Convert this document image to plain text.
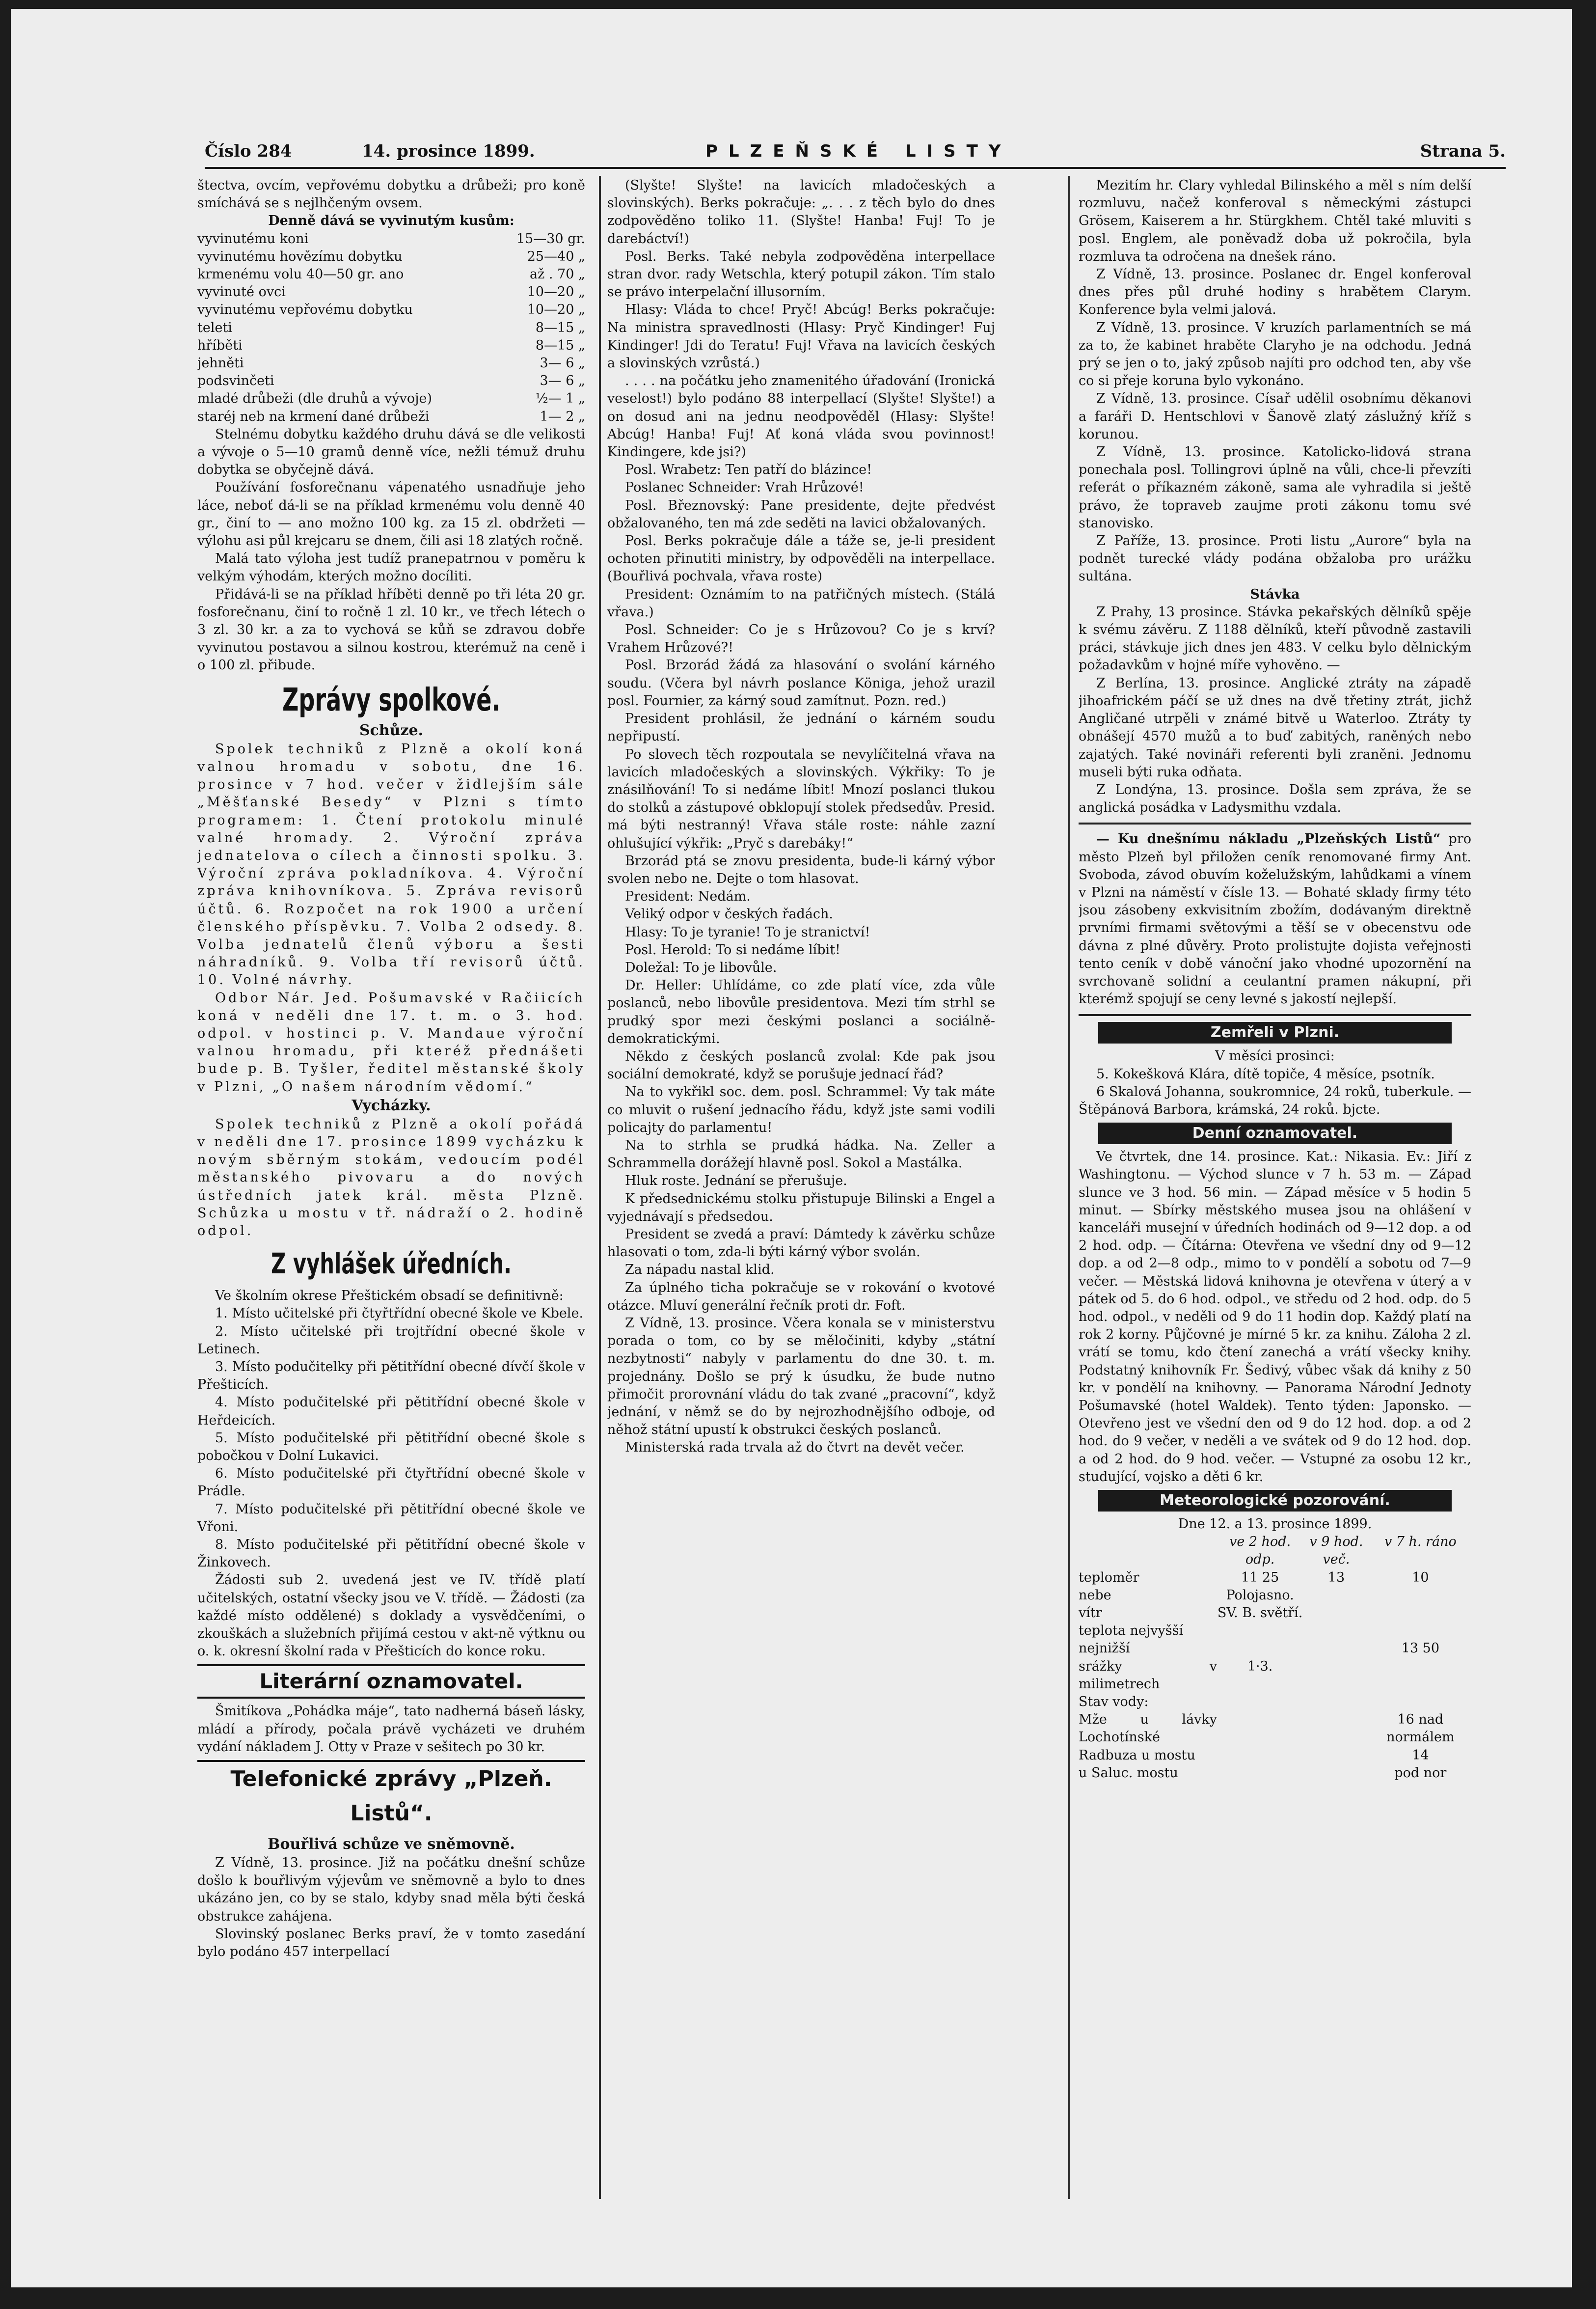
Číslo 284	14. prosince 1899.	PLZEŇSKÉ LISTY	Strana 5.

štectva, ovcím, vepřovému dobytku a drůbeži; pro koně smíchává se s nejlhčeným ovsem.

Denně dává se vyvinutým kusům:

vyvinutému koni	15—30 gr.
vyvinutému hovězímu dobytku	25—40 „
krmenému volu 40—50 gr. ano	až . 70 „
vyvinuté ovci	10—20 „
vyvinutému vepřovému dobytku	10—20 „
teleti	8—15 „
hříběti	8—15 „
jehněti	3— 6 „
podsvinčeti	3— 6 „
mladé drůbeži (dle druhů a vývoje)	½— 1 „
staréj neb na krmení dané drůbeži	1— 2 „

Stelnému dobytku každého druhu dává se dle velikosti a vývoje o 5—10 gramů denně více, nežli témuž druhu dobytka se obyčejně dává.

Používání fosforečnanu vápenatého usnadňuje jeho láce, neboť dá-li se na příklad krmenému volu denně 40 gr., činí to — ano možno 100 kg. za 15 zl. obdržeti — výlohu asi půl krejcaru se dnem, čili asi 18 zlatých ročně.

Malá tato výloha jest tudíž pranepatrnou v poměru k velkým výhodám, kterých možno docíliti.

Přidává-li se na příklad hříběti denně po tři léta 20 gr. fosforečnanu, činí to ročně 1 zl. 10 kr., ve třech létech o 3 zl. 30 kr. a za to vychová se kůň se zdravou dobře vyvinutou postavou a silnou kostrou, kterémuž na ceně i o 100 zl. přibude.

Zprávy spolkové.
Schůze.

Spolek techniků z Plzně a okolí koná valnou hromadu v sobotu, dne 16. prosince v 7 hod. večer v židlejším sále „Měšťanské Besedy“ v Plzni s tímto programem: 1. Čtení protokolu minulé valné hromady. 2. Výroční zpráva jednatelova o cílech a činnosti spolku. 3. Výroční zpráva pokladníkova. 4. Výroční zpráva knihovníkova. 5. Zpráva revisorů účtů. 6. Rozpočet na rok 1900 a určení členského příspěvku. 7. Volba 2 odsedy. 8. Volba jednatelů členů výboru a šesti náhradníků. 9. Volba tří revisorů účtů. 10. Volné návrhy.

Odbor Nár. Jed. Pošumavské v Račiicích koná v neděli dne 17. t. m. o 3. hod. odpol. v hostinci p. V. Mandaue výroční valnou hromadu, při kteréž přednášeti bude p. B. Tyšler, ředitel městanské školy v Plzni, „O našem národním vědomí.“

Vycházky.

Spolek techniků z Plzně a okolí pořádá v neděli dne 17. prosince 1899 vycházku k novým sběrným stokám, vedoucím podél městanského pivovaru a do nových ústředních jatek král. města Plzně. Schůzka u mostu v tř. nádraží o 2. hodině odpol.

Z vyhlášek úředních.

Ve školním okrese Přeštickém obsadí se definitivně:

1. Místo učitelské při čtyřtřídní obecné škole ve Kbele.

2. Místo učitelské při trojtřídní obecné škole v Letinech.

3. Místo podučitelky při pětitřídní obecné dívčí škole v Přešticích.

4. Místo podučitelské při pětitřídní obecné škole v Heřdeicích.

5. Místo podučitelské při pětitřídní obecné škole s pobočkou v Dolní Lukavici.

6. Místo podučitelské při čtyřtřídní obecné škole v Prádle.

7. Místo podučitelské při pětitřídní obecné škole ve Vřoni.

8. Místo podučitelské při pětitřídní obecné škole v Žinkovech.

Žádosti sub 2. uvedená jest ve IV. třídě platí učitelských, ostatní všecky jsou ve V. třídě. — Žádosti (za každé místo oddělené) s doklady a vysvědčeními, o zkouškách a služebních přijímá cestou v akt-ně výtknu ou o. k. okresní školní rada v Přešticích do konce roku.

Literární oznamovatel.

Šmitíkova „Pohádka máje“, tato nadherná báseň lásky, mládí a přírody, počala právě vycházeti ve druhém vydání nákladem J. Otty v Praze v sešitech po 30 kr.

Telefonické zprávy „Plzeň. Listů“.
Bouřlivá schůze ve sněmovně.

Z Vídně, 13. prosince. Již na počátku dnešní schůze došlo k bouřlivým výjevům ve sněmovně a bylo to dnes ukázáno jen, co by se stalo, kdyby snad měla býti česká obstrukce zahájena.

Slovinský poslanec Berks praví, že v tomto zasedání bylo podáno 457 interpellací

(Slyšte! Slyšte! na lavicích mladočeských a slovinských). Berks pokračuje: „. . . z těch bylo do dnes zodpověděno toliko 11. (Slyšte! Hanba! Fuj! To je darebáctví!)

Posl. Berks. Také nebyla zodpověděna interpellace stran dvor. rady Wetschla, který potupil zákon. Tím stalo se právo interpelační illusorním.

Hlasy: Vláda to chce! Pryč! Abcúg! Berks pokračuje: Na ministra spravedlnosti (Hlasy: Pryč Kindinger! Fuj Kindinger! Jdi do Teratu! Fuj! Vřava na lavicích českých a slovinských vzrůstá.)

. . . . na počátku jeho znamenitého úřadování (Ironická veselost!) bylo podáno 88 interpellací (Slyšte! Slyšte!) a on dosud ani na jednu neodpověděl (Hlasy: Slyšte! Abcúg! Hanba! Fuj! Ať koná vláda svou povinnost! Kindingere, kde jsi?)

Posl. Wrabetz: Ten patří do blázince!

Poslanec Schneider: Vrah Hrůzové!

Posl. Březnovský: Pane presidente, dejte předvést obžalovaného, ten má zde seděti na lavici obžalovaných.

Posl. Berks pokračuje dále a táže se, je-li president ochoten přinutiti ministry, by odpověděli na interpellace. (Bouřlivá pochvala, vřava roste)

President: Oznámím to na patřičných místech. (Stálá vřava.)

Posl. Schneider: Co je s Hrůzovou? Co je s krví? Vrahem Hrůzové?!

Posl. Brzorád žádá za hlasování o svolání kárného soudu. (Včera byl návrh poslance Königa, jehož urazil posl. Fournier, za kárný soud zamítnut. Pozn. red.)

President prohlásil, že jednání o kárném soudu nepřipustí.

Po slovech těch rozpoutala se nevylíčitelná vřava na lavicích mladočeských a slovinských. Výkřiky: To je znásilňování! To si nedáme líbit! Mnozí poslanci tlukou do stolků a zástupové obklopují stolek předsedův. Presid. má býti nestranný! Vřava stále roste: náhle zazní ohlušující výkřik: „Pryč s darebáky!“

Brzorád ptá se znovu presidenta, bude-li kárný výbor svolen nebo ne. Dejte o tom hlasovat.

President: Nedám.

Veliký odpor v českých řadách.

Hlasy: To je tyranie! To je stranictví!

Posl. Herold: To si nedáme líbit!

Doležal: To je libovůle.

Dr. Heller: Uhlídáme, co zde platí více, zda vůle poslanců, nebo libovůle presidentova. Mezi tím strhl se prudký spor mezi českými poslanci a sociálně-demokratickými.

Někdo z českých poslanců zvolal: Kde pak jsou sociální demokraté, když se porušuje jednací řád?

Na to vykřikl soc. dem. posl. Schrammel: Vy tak máte co mluvit o rušení jednacího řádu, když jste sami vodili policajty do parlamentu!

Na to strhla se prudká hádka. Na. Zeller a Schrammella dorážejí hlavně posl. Sokol a Mastálka.

Hluk roste. Jednání se přerušuje.

K předsednickému stolku přistupuje Bilinski a Engel a vyjednávají s předsedou.

President se zvedá a praví: Dámtedy k závěrku schůze hlasovati o tom, zda-li býti kárný výbor svolán.

Za nápadu nastal klid.

Za úplného ticha pokračuje se v rokování o kvotové otázce. Mluví generální řečník proti dr. Foft.

Z Vídně, 13. prosince. Včera konala se v ministerstvu porada o tom, co by se měločiniti, kdyby „státní nezbytnosti“ nabyly v parlamentu do dne 30. t. m. projednány. Došlo se prý k úsudku, že bude nutno přimočit prorovnání vládu do tak zvané „pracovní“, když jednání, v němž se do by nejrozhodnějšího odboje, od něhož státní upustí k obstrukci českých poslanců.

Ministerská rada trvala až do čtvrt na devět večer.

Mezitím hr. Clary vyhledal Bilinského a měl s ním delší rozmluvu, načež konferoval s německými zástupci Grösem, Kaiserem a hr. Stürgkhem. Chtěl také mluviti s posl. Englem, ale poněvadž doba už pokročila, byla rozmluva ta odročena na dnešek ráno.

Z Vídně, 13. prosince. Poslanec dr. Engel konferoval dnes přes půl druhé hodiny s hrabětem Clarym. Konference byla velmi jalová.

Z Vídně, 13. prosince. V kruzích parlamentních se má za to, že kabinet hraběte Claryho je na odchodu. Jedná prý se jen o to, jaký způsob najíti pro odchod ten, aby vše co si přeje koruna bylo vykonáno.

Z Vídně, 13. prosince. Císař udělil osobnímu děkanovi a faráři D. Hentschlovi v Šanově zlatý záslužný kříž s korunou.

Z Vídně, 13. prosince. Katolicko-lidová strana ponechala posl. Tollingrovi úplně na vůli, chce-li převzíti referát o příkazném zákoně, sama ale vyhradila si ještě právo, že topraveb zaujme proti zákonu tomu své stanovisko.

Z Paříže, 13. prosince. Proti listu „Aurore“ byla na podnět turecké vlády podána obžaloba pro urážku sultána.

Stávka

Z Prahy, 13 prosince. Stávka pekařských dělníků spěje k svému závěru. Z 1188 dělníků, kteří původně zastavili práci, stávkuje jich dnes jen 483. V celku bylo dělnickým požadavkům v hojné míře vyhověno. —

Z Berlína, 13. prosince. Anglické ztráty na západě jihoafrickém páčí se už dnes na dvě třetiny ztrát, jichž Angličané utrpěli v známé bitvě u Waterloo. Ztráty ty obnášejí 4570 mužů a to buď zabitých, raněných nebo zajatých. Také novináři referenti byli zraněni. Jednomu museli býti ruka odňata.

Z Londýna, 13. prosince. Došla sem zpráva, že se anglická posádka v Ladysmithu vzdala.

— Ku dnešnímu nákladu „Plzeňských Listů“ pro město Plzeň byl přiložen ceník renomované firmy Ant. Svoboda, závod obuvím koželužským, lahůdkami a vínem v Plzni na náměstí v čísle 13. — Bohaté sklady firmy této jsou zásobeny exkvisitním zbožím, dodávaným direktně prvními firmami světovými a těší se v obecenstvu ode dávna z plné důvěry. Proto prolistujte dojista veřejnosti tento ceník v době vánoční jako vhodné upozornění na svrchovaně solidní a ceulantní pramen nákupní, při kterémž spojují se ceny levné s jakostí nejlepší.

Zemřeli v Plzni.

V měsíci prosinci:

5. Kokešková Klára, dítě topiče, 4 měsíce, psotník.

6 Skalová Johanna, soukromnice, 24 roků, tuberkule. — Štěpánová Barbora, krámská, 24 roků. bjcte.

Denní oznamovatel.

Ve čtvrtek, dne 14. prosince. Kat.: Nikasia. Ev.: Jiří z Washingtonu. — Východ slunce v 7 h. 53 m. — Západ slunce ve 3 hod. 56 min. — Západ měsíce v 5 hodin 5 minut. — Sbírky městského musea jsou na ohlášení v kanceláři musejní v úředních hodinách od 9—12 dop. a od 2 hod. odp. — Čítárna: Otevřena ve všední dny od 9—12 dop. a od 2—8 odp., mimo to v pondělí a sobotu od 7—9 večer. — Městská lidová knihovna je otevřena v úterý a v pátek od 5. do 6 hod. odpol., ve středu od 2 hod. odp. do 5 hod. odpol., v neděli od 9 do 11 hodin dop. Každý platí na rok 2 korny. Půjčovné je mírné 5 kr. za knihu. Záloha 2 zl. vrátí se tomu, kdo čtení zanechá a vrátí všecky knihy. Podstatný knihovník Fr. Šedivý, vůbec však dá knihy z 50 kr. v pondělí na knihovny. — Panorama Národní Jednoty Pošumavské (hotel Waldek). Tento týden: Japonsko. — Otevřeno jest ve všední den od 9 do 12 hod. dop. a od 2 hod. do 9 večer, v neděli a ve svátek od 9 do 12 hod. dop. a od 2 hod. do 9 hod. večer. — Vstupné za osobu 12 kr., studující, vojsko a děti 6 kr.

Meteorologické pozorování.

Dne 12. a 13. prosince 1899.

	ve 2 hod. odp.	v 9 hod. več.	v 7 h. ráno
teploměr	11 25	13	10
nebe	Polojasno.		
vítr	SV. B. světří.		
teplota nejvyšší			
nejnižší			13 50
srážky v milimetrech	1·3.		
Stav vody:			
Mže u lávky Lochotínské			16 nad normálem
Radbuza u mostu			14
u Saluc. mostu			pod nor
